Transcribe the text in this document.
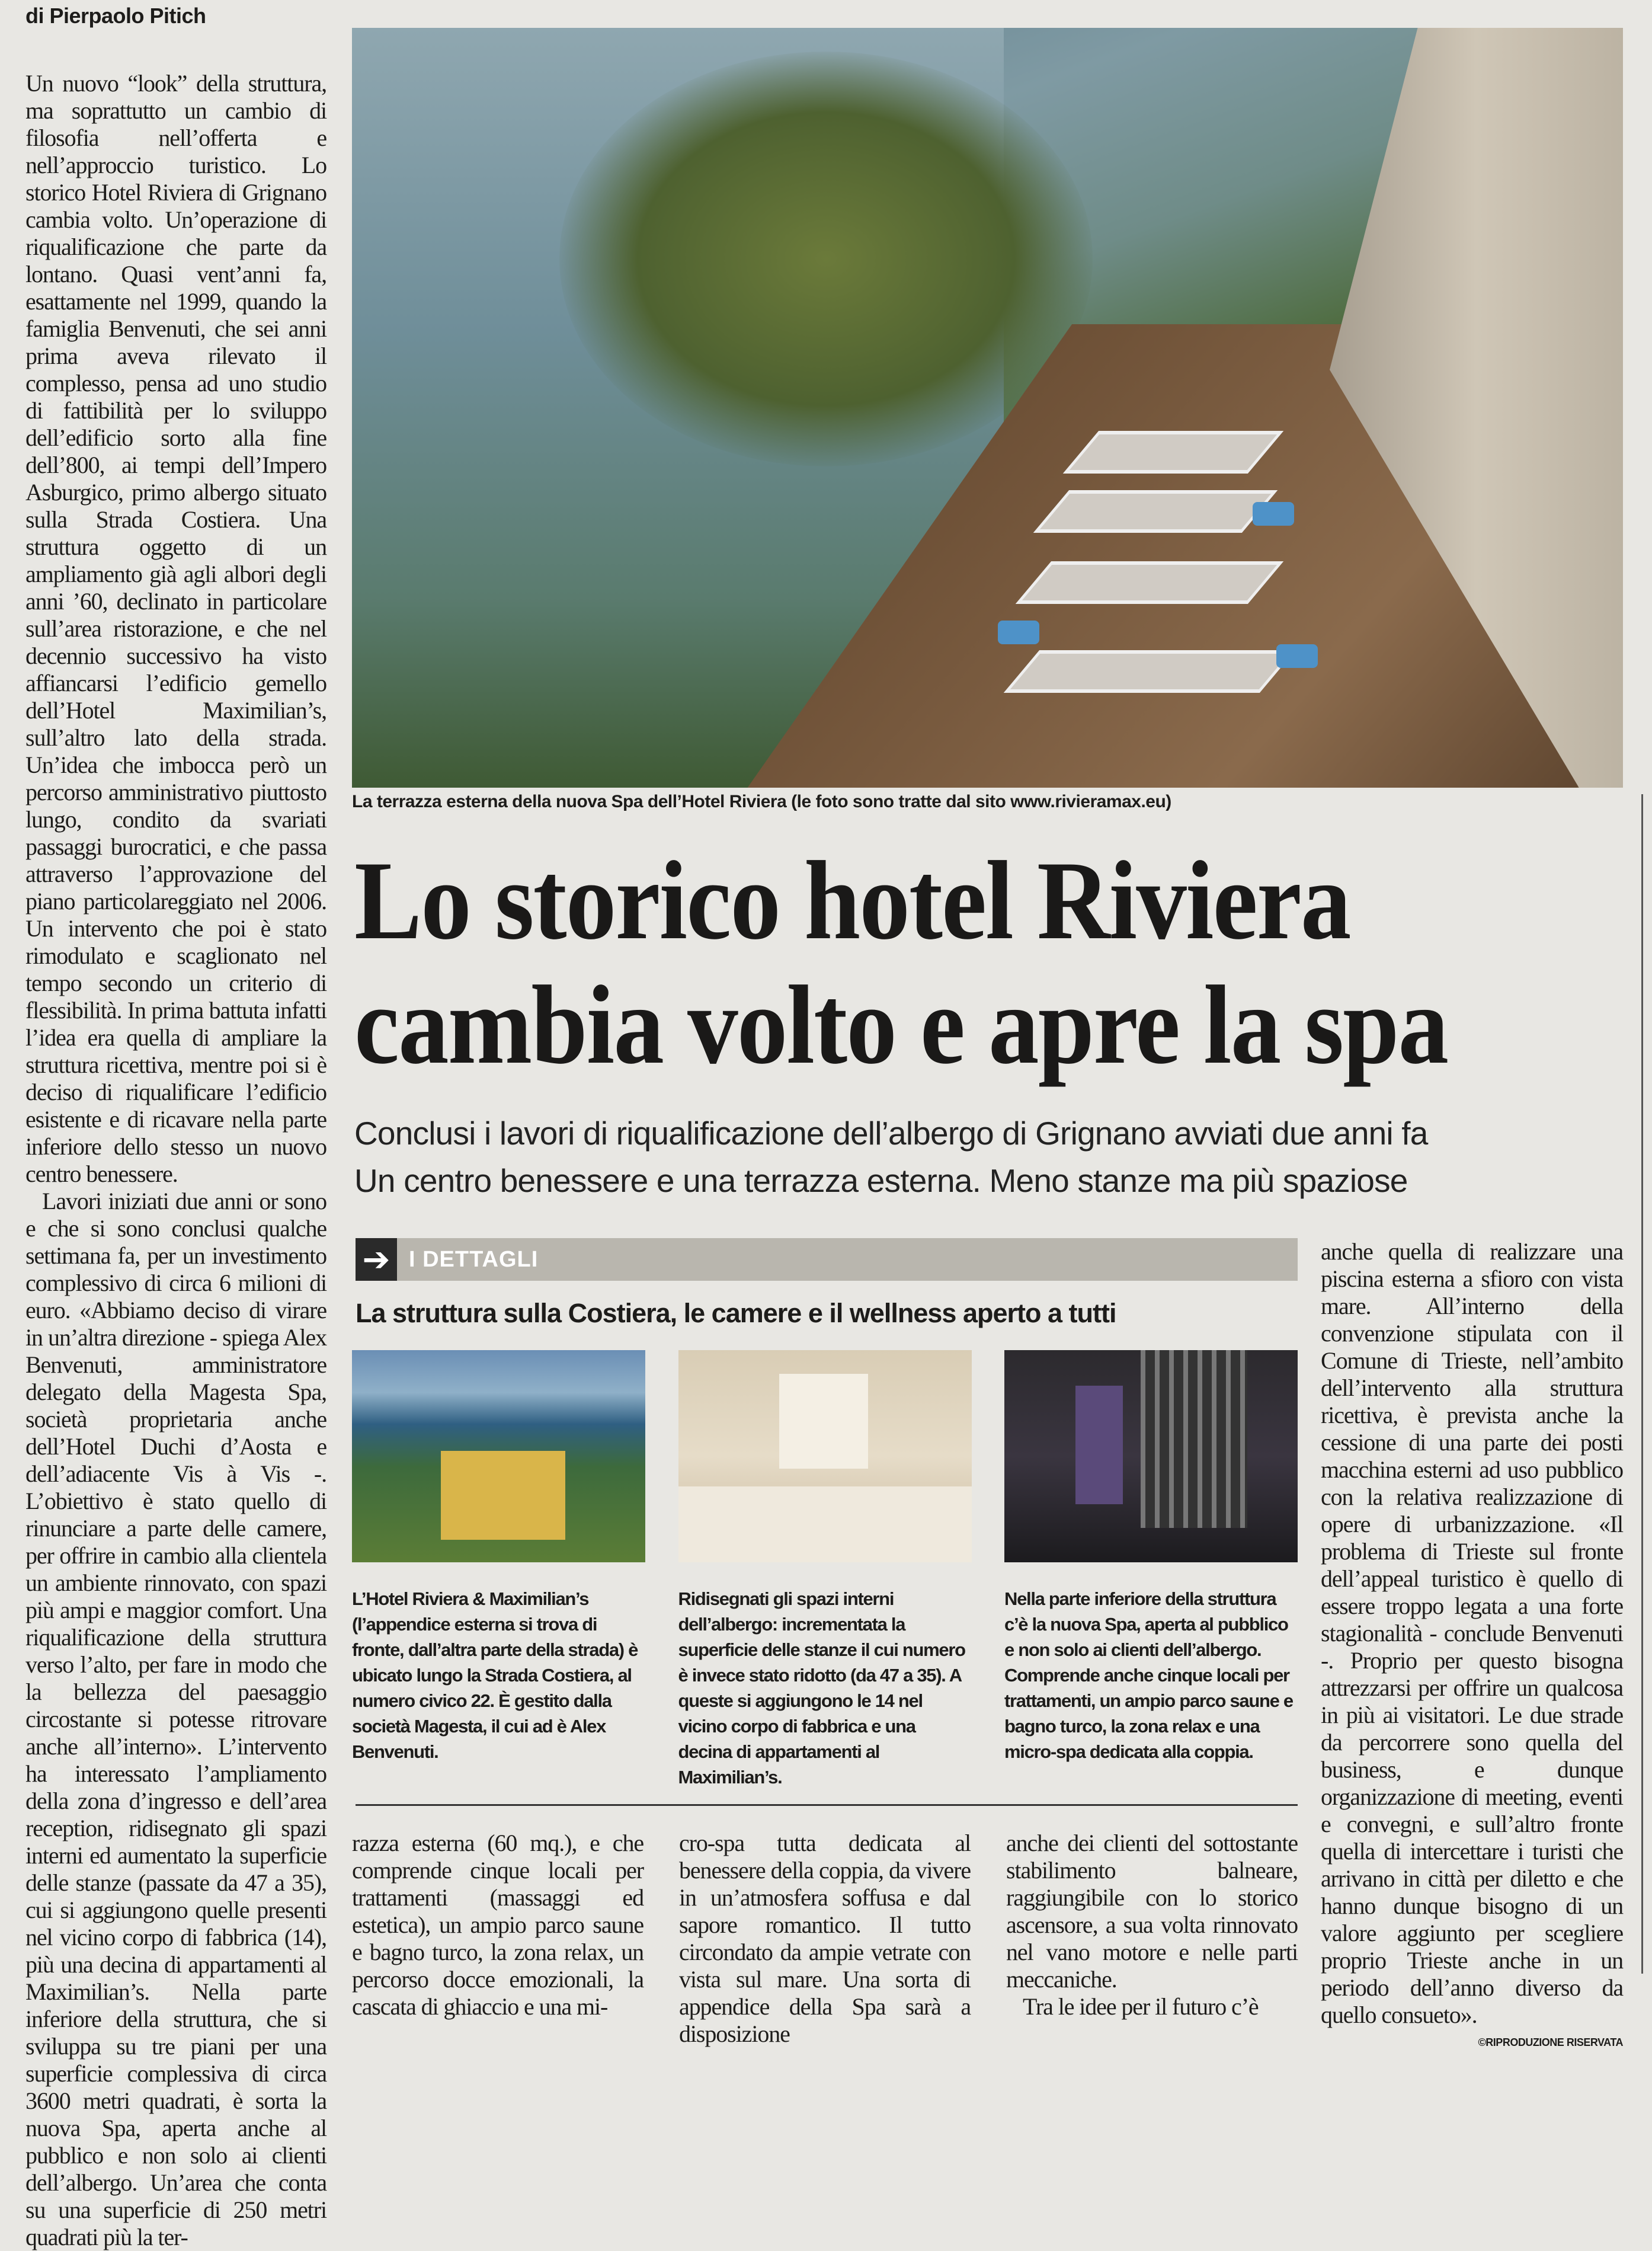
di Pierpaolo Pitich

Un nuovo “look” della struttura, ma soprattutto un cambio di filosofia nell’offerta e nell’approccio turistico. Lo storico Hotel Riviera di Grignano cambia volto. Un’operazione di riqualificazione che parte da lontano. Quasi vent’anni fa, esattamente nel 1999, quando la famiglia Benvenuti, che sei anni prima aveva rilevato il complesso, pensa ad uno studio di fattibilità per lo sviluppo dell’edificio sorto alla fine dell’800, ai tempi dell’Impero Asburgico, primo albergo situato sulla Strada Costiera. Una struttura oggetto di un ampliamento già agli albori degli anni ’60, declinato in particolare sull’area ristorazione, e che nel decennio successivo ha visto affiancarsi l’edificio gemello dell’Hotel Maximilian’s, sull’altro lato della strada. Un’idea che imbocca però un percorso amministrativo piuttosto lungo, condito da svariati passaggi burocratici, e che passa attraverso l’approvazione del piano particolareggiato nel 2006. Un intervento che poi è stato rimodulato e scaglionato nel tempo secondo un criterio di flessibilità. In prima battuta infatti l’idea era quella di ampliare la struttura ricettiva, mentre poi si è deciso di riqualificare l’edificio esistente e di ricavare nella parte inferiore dello stesso un nuovo centro benessere.

Lavori iniziati due anni or sono e che si sono conclusi qualche settimana fa, per un investimento complessivo di circa 6 milioni di euro. «Abbiamo deciso di virare in un’altra direzione - spiega Alex Benvenuti, amministratore delegato della Magesta Spa, società proprietaria anche dell’Hotel Duchi d’Aosta e dell’adiacente Vis à Vis -. L’obiettivo è stato quello di rinunciare a parte delle camere, per offrire in cambio alla clientela un ambiente rinnovato, con spazi più ampi e maggior comfort. Una riqualificazione della struttura verso l’alto, per fare in modo che la bellezza del paesaggio circostante si potesse ritrovare anche all’interno». L’intervento ha interessato l’ampliamento della zona d’ingresso e dell’area reception, ridisegnato gli spazi interni ed aumentato la superficie delle stanze (passate da 47 a 35), cui si aggiungono quelle presenti nel vicino corpo di fabbrica (14), più una decina di appartamenti al Maximilian’s. Nella parte inferiore della struttura, che si sviluppa su tre piani per una superficie complessiva di circa 3600 metri quadrati, è sorta la nuova Spa, aperta anche al pubblico e non solo ai clienti dell’albergo. Un’area che conta su una superficie di 250 metri quadrati più la ter-

La terrazza esterna della nuova Spa dell’Hotel Riviera (le foto sono tratte dal sito www.rivieramax.eu)
Lo storico hotel Riviera
cambia volto e apre la spa
Conclusi i lavori di riqualificazione dell’albergo di Grignano avviati due anni fa
Un centro benessere e una terrazza esterna. Meno stanze ma più spaziose
➔ I DETTAGLI
La struttura sulla Costiera, le camere e il wellness aperto a tutti
L’Hotel Riviera & Maximilian’s (l’appendice esterna si trova di fronte, dall’altra parte della strada) è ubicato lungo la Strada Costiera, al numero civico 22. È gestito dalla società Magesta, il cui ad è Alex Benvenuti.
Ridisegnati gli spazi interni dell’albergo: incrementata la superficie delle stanze il cui numero è invece stato ridotto (da 47 a 35). A queste si aggiungono le 14 nel vicino corpo di fabbrica e una decina di appartamenti al Maximilian’s.
Nella parte inferiore della struttura c’è la nuova Spa, aperta al pubblico e non solo ai clienti dell’albergo. Comprende anche cinque locali per trattamenti, un ampio parco saune e bagno turco, la zona relax e una micro-spa dedicata alla coppia.

razza esterna (60 mq.), e che comprende cinque locali per trattamenti (massaggi ed estetica), un ampio parco saune e bagno turco, la zona relax, un percorso docce emozionali, la cascata di ghiaccio e una mi-

cro-spa tutta dedicata al benessere della coppia, da vivere in un’atmosfera soffusa e dal sapore romantico. Il tutto circondato da ampie vetrate con vista sul mare. Una sorta di appendice della Spa sarà a disposizione

anche dei clienti del sottostante stabilimento balneare, raggiungibile con lo storico ascensore, a sua volta rinnovato nel vano motore e nelle parti meccaniche.

Tra le idee per il futuro c’è

anche quella di realizzare una piscina esterna a sfioro con vista mare. All’interno della convenzione stipulata con il Comune di Trieste, nell’ambito dell’intervento alla struttura ricettiva, è prevista anche la cessione di una parte dei posti macchina esterni ad uso pubblico con la relativa realizzazione di opere di urbanizzazione. «Il problema di Trieste sul fronte dell’appeal turistico è quello di essere troppo legata a una forte stagionalità - conclude Benvenuti -. Proprio per questo bisogna attrezzarsi per offrire un qualcosa in più ai visitatori. Le due strade da percorrere sono quella del business, e dunque organizzazione di meeting, eventi e convegni, e sull’altro fronte quella di intercettare i turisti che arrivano in città per diletto e che hanno dunque bisogno di un valore aggiunto per scegliere proprio Trieste anche in un periodo dell’anno diverso da quello consueto».

©RIPRODUZIONE RISERVATA
